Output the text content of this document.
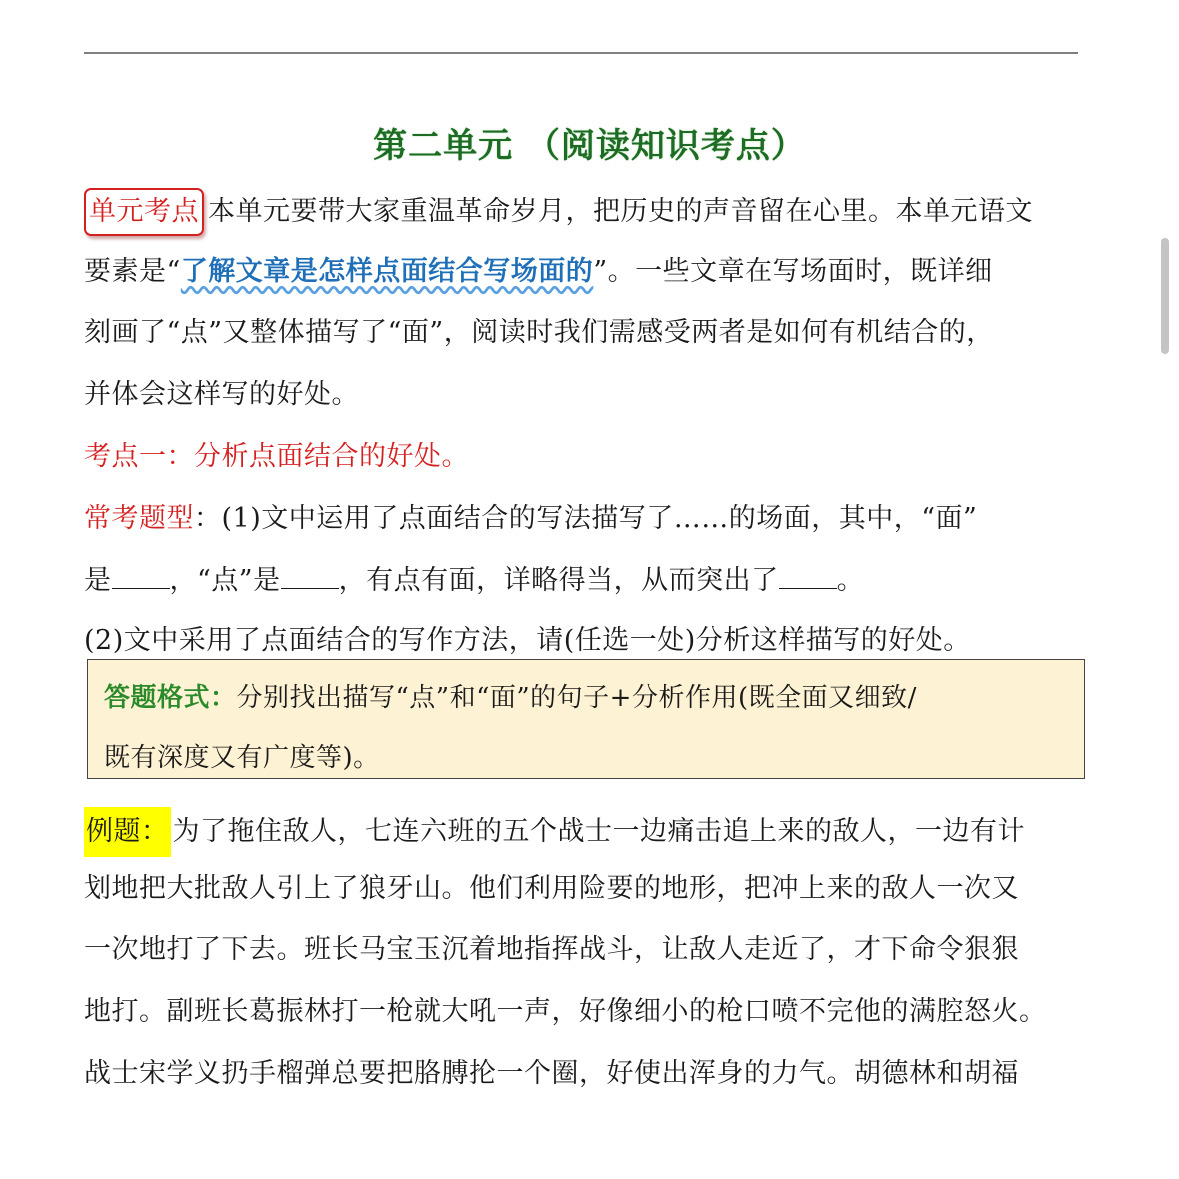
第二单元 （阅读知识考点）
单元考点 本单元要带大家重温革命岁月，把历史的声音留在心里。本单元语文
要素是“了解文章是怎样点面结合写场面的”。一些文章在写场面时，既详细
刻画了“点”又整体描写了“面”，阅读时我们需感受两者是如何有机结合的，
并体会这样写的好处。
考点一：分析点面结合的好处。
常考题型：(1)文中运用了点面结合的写法描写了……的场面，其中，“面”
是 ，“点”是 ，有点有面，详略得当，从而突出了 。
(2)文中采用了点面结合的写作方法，请(任选一处)分析这样描写的好处。
答题格式：分别找出描写“点”和“面”的句子+分析作用(既全面又细致/
既有深度又有广度等)。
例题： 为了拖住敌人，七连六班的五个战士一边痛击追上来的敌人，一边有计
划地把大批敌人引上了狼牙山。他们利用险要的地形，把冲上来的敌人一次又
一次地打了下去。班长马宝玉沉着地指挥战斗，让敌人走近了，才下命令狠狠
地打。副班长葛振林打一枪就大吼一声，好像细小的枪口喷不完他的满腔怒火。
战士宋学义扔手榴弹总要把胳膊抡一个圈，好使出浑身的力气。胡德林和胡福
